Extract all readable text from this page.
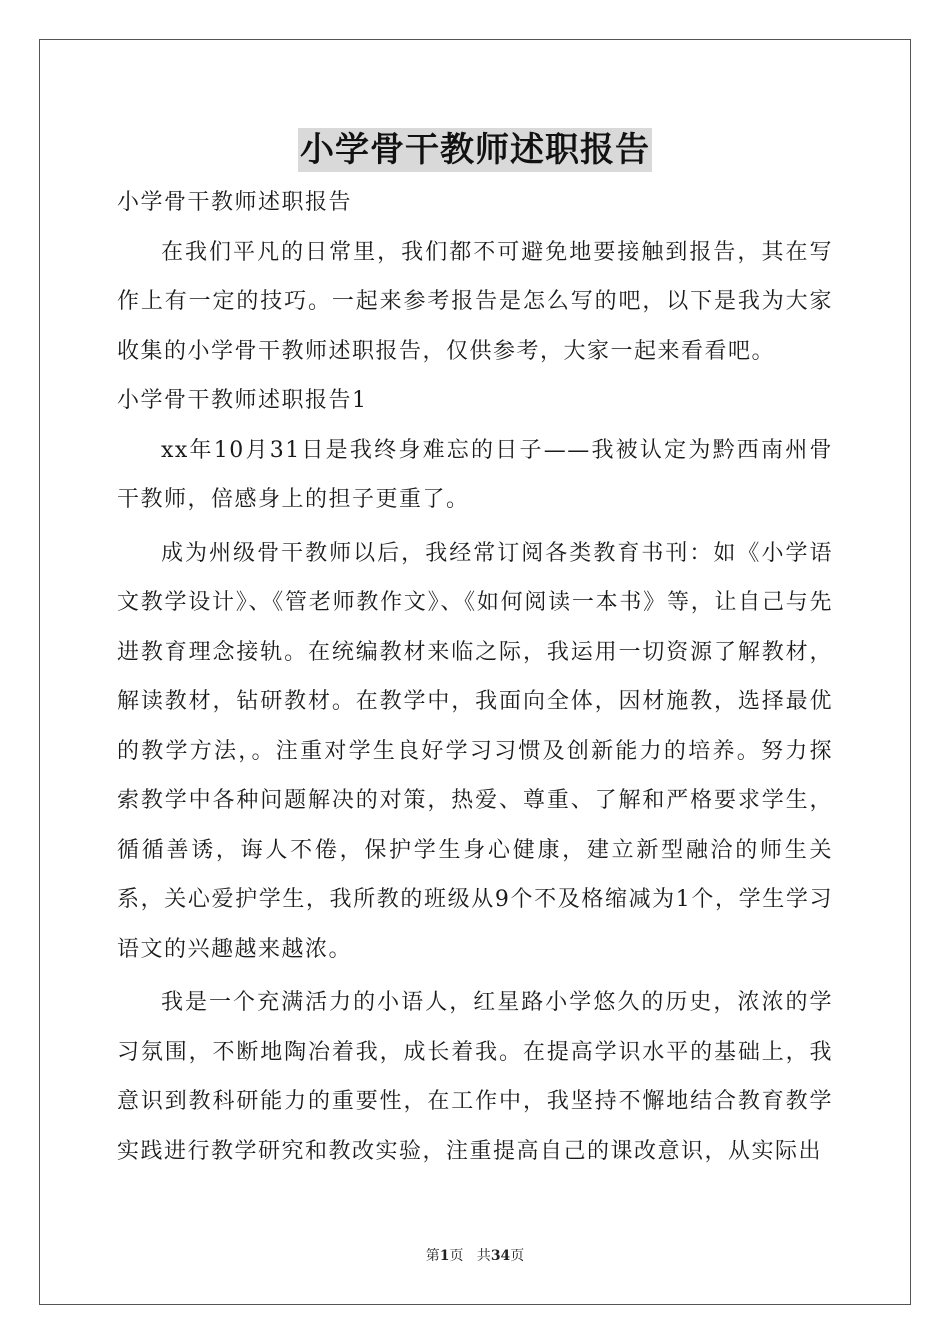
小学骨干教师述职报告

小学骨干教师述职报告

在我们平凡的日常里，我们都不可避免地要接触到报告，其在写作上有一定的技巧。一起来参考报告是怎么写的吧，以下是我为大家收集的小学骨干教师述职报告，仅供参考，大家一起来看看吧。

小学骨干教师述职报告1

xx年10月31日是我终身难忘的日子——我被认定为黔西南州骨干教师，倍感身上的担子更重了。

成为州级骨干教师以后，我经常订阅各类教育书刊：如《小学语文教学设计》、《管老师教作文》、《如何阅读一本书》等，让自己与先进教育理念接轨。在统编教材来临之际，我运用一切资源了解教材，解读教材，钻研教材。在教学中，我面向全体，因材施教，选择最优的教学方法，。注重对学生良好学习习惯及创新能力的培养。努力探索教学中各种问题解决的对策，热爱、尊重、了解和严格要求学生，循循善诱，诲人不倦，保护学生身心健康，建立新型融洽的师生关系，关心爱护学生，我所教的班级从9个不及格缩减为1个，学生学习语文的兴趣越来越浓。

我是一个充满活力的小语人，红星路小学悠久的历史，浓浓的学习氛围，不断地陶冶着我，成长着我。在提高学识水平的基础上，我意识到教科研能力的重要性，在工作中，我坚持不懈地结合教育教学实践进行教学研究和教改实验，注重提高自己的课改意识，从实际出

第1页 共34页
